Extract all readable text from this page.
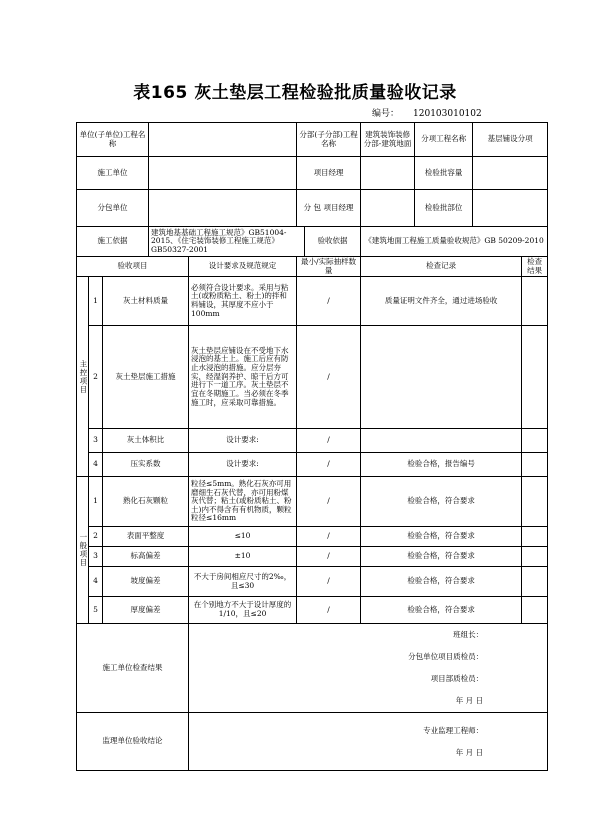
表165 灰土垫层工程检验批质量验收记录
编号： 120103010102
单位(子单位)工程名称					分部(子分部)工程名称		建筑装饰装修分部-建筑地面	分项工程名称	基层铺设分项	
施工单位					项目经理			检验批容量		
分包单位					分 包 项目经理			检验批部位		
施工依据			建筑地基基础工程施工规范》GB51004-2015、《住宅装饰装修工程施工规范》GB50327-2001			验收依据	《建筑地面工程施工质量验收规范》GB 50209-2010			
验收项目				设计要求及规范规定	最小/实际抽样数量		检查记录			检查结果
主控项目	1	灰土材料质量		必须符合设计要求。采用与粘土(或粉质粘土、粉土)的拌和料铺设，其厚度不应小于100mm	/		质量证明文件齐全，通过进场验收			
	2	灰土垫层施工措施		灰土垫层应铺设在不受地下水浸泡的基土上。施工后应有防止水浸泡的措施。应分层夯实，经湿润养护、晾干后方可进行下一道工序。灰土垫层不宜在冬期施工。当必须在冬季施工时，应采取可靠措施。	/					
	3	灰土体积比		设计要求:	/					
	4	压实系数		设计要求:	/		检验合格，报告编号			
一般项目	1	熟化石灰颗粒		粒径≤5mm。熟化石灰亦可用磨细生石灰代替，亦可用粉煤灰代替；粘土(或粉质粘土、粉土)内不得含有有机物质，颗粒粒径≤16mm	/		检验合格，符合要求			
	2	表面平整度		≤10	/		检验合格，符合要求			
	3	标高偏差		±10	/		检验合格，符合要求			
	4	坡度偏差		不大于房间相应尺寸的2‰，且≤30	/		检验合格，符合要求			
	5	厚度偏差		在个别地方不大于设计厚度的1/10，且≤20	/		检验合格，符合要求			
施工单位检查结果				班组长：
分包单位项目质检员：
项目部质检员：
年 月 日						

监理单位验收结论				专业监理工程师：
年 月 日						
